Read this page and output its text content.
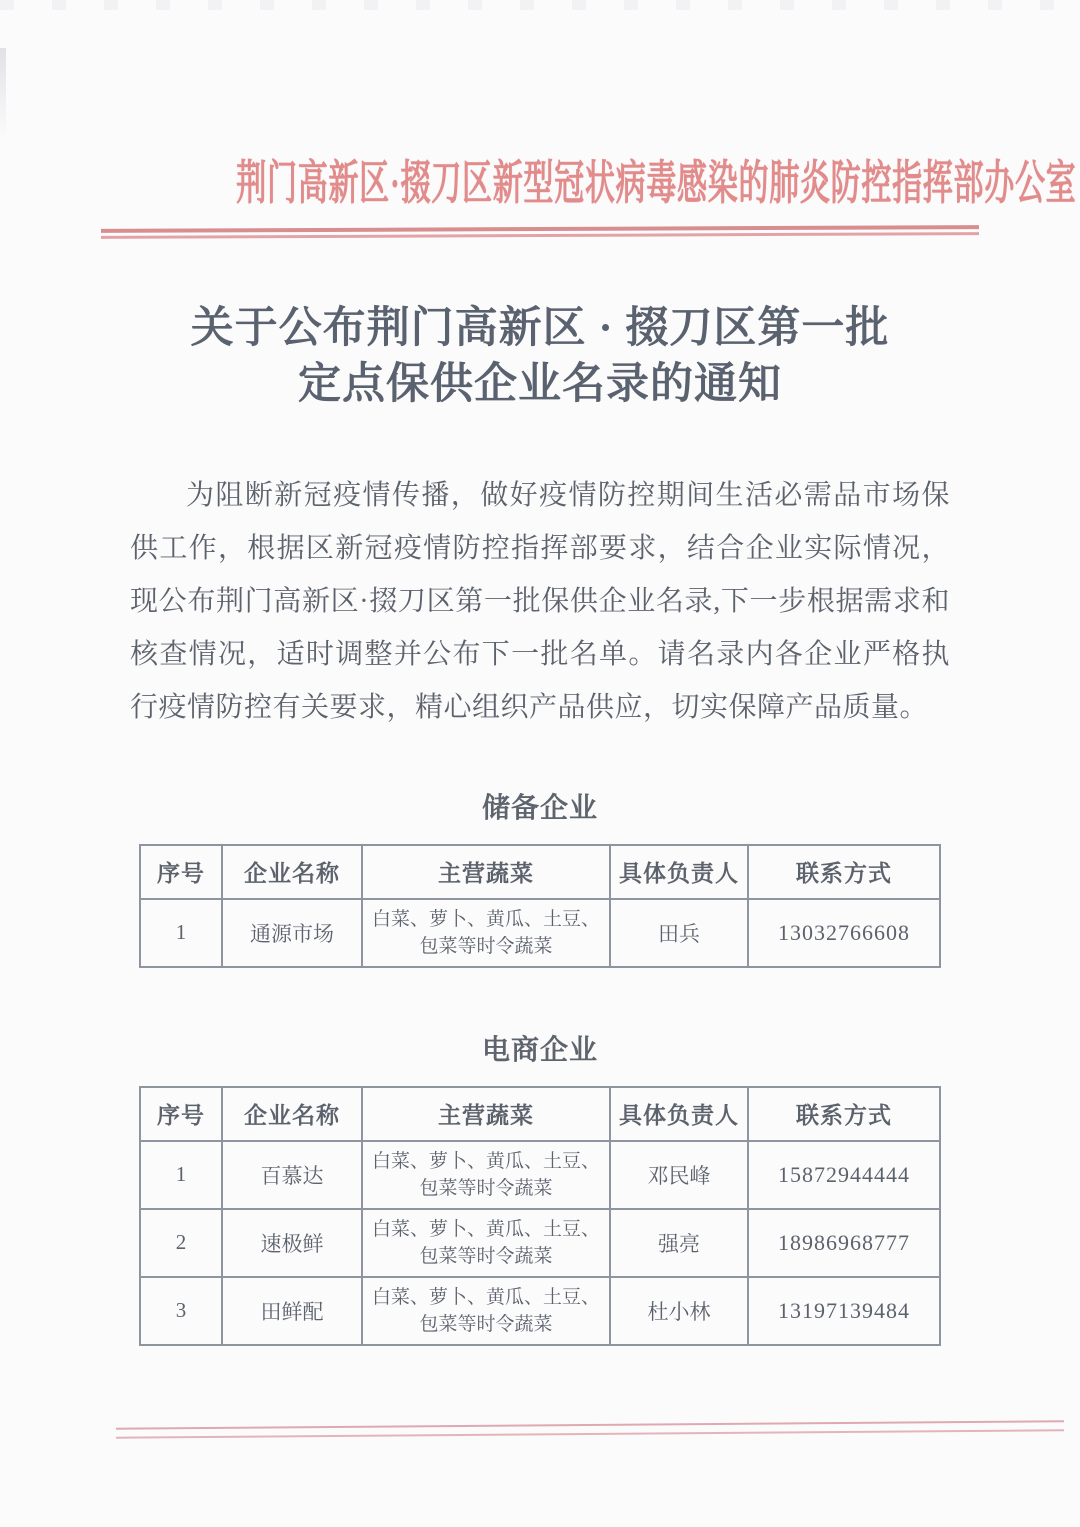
荆门高新区·掇刀区新型冠状病毒感染的肺炎防控指挥部办公室
关于公布荆门高新区 · 掇刀区第一批
定点保供企业名录的通知

为阻断新冠疫情传播，做好疫情防控期间生活必需品市场保供工作，根据区新冠疫情防控指挥部要求，结合企业实际情况，现公布荆门高新区·掇刀区第一批保供企业名录,下一步根据需求和核查情况，适时调整并公布下一批名单。请名录内各企业严格执行疫情防控有关要求，精心组织产品供应，切实保障产品质量。

储备企业
序号	企业名称	主营蔬菜	具体负责人	联系方式
1	通源市场	白菜、萝卜、黄瓜、土豆、包菜等时令蔬菜	田兵	13032766608
电商企业
序号	企业名称	主营蔬菜	具体负责人	联系方式
1	百慕达	白菜、萝卜、黄瓜、土豆、包菜等时令蔬菜	邓民峰	15872944444
2	速极鲜	白菜、萝卜、黄瓜、土豆、包菜等时令蔬菜	强亮	18986968777
3	田鲜配	白菜、萝卜、黄瓜、土豆、包菜等时令蔬菜	杜小林	13197139484
